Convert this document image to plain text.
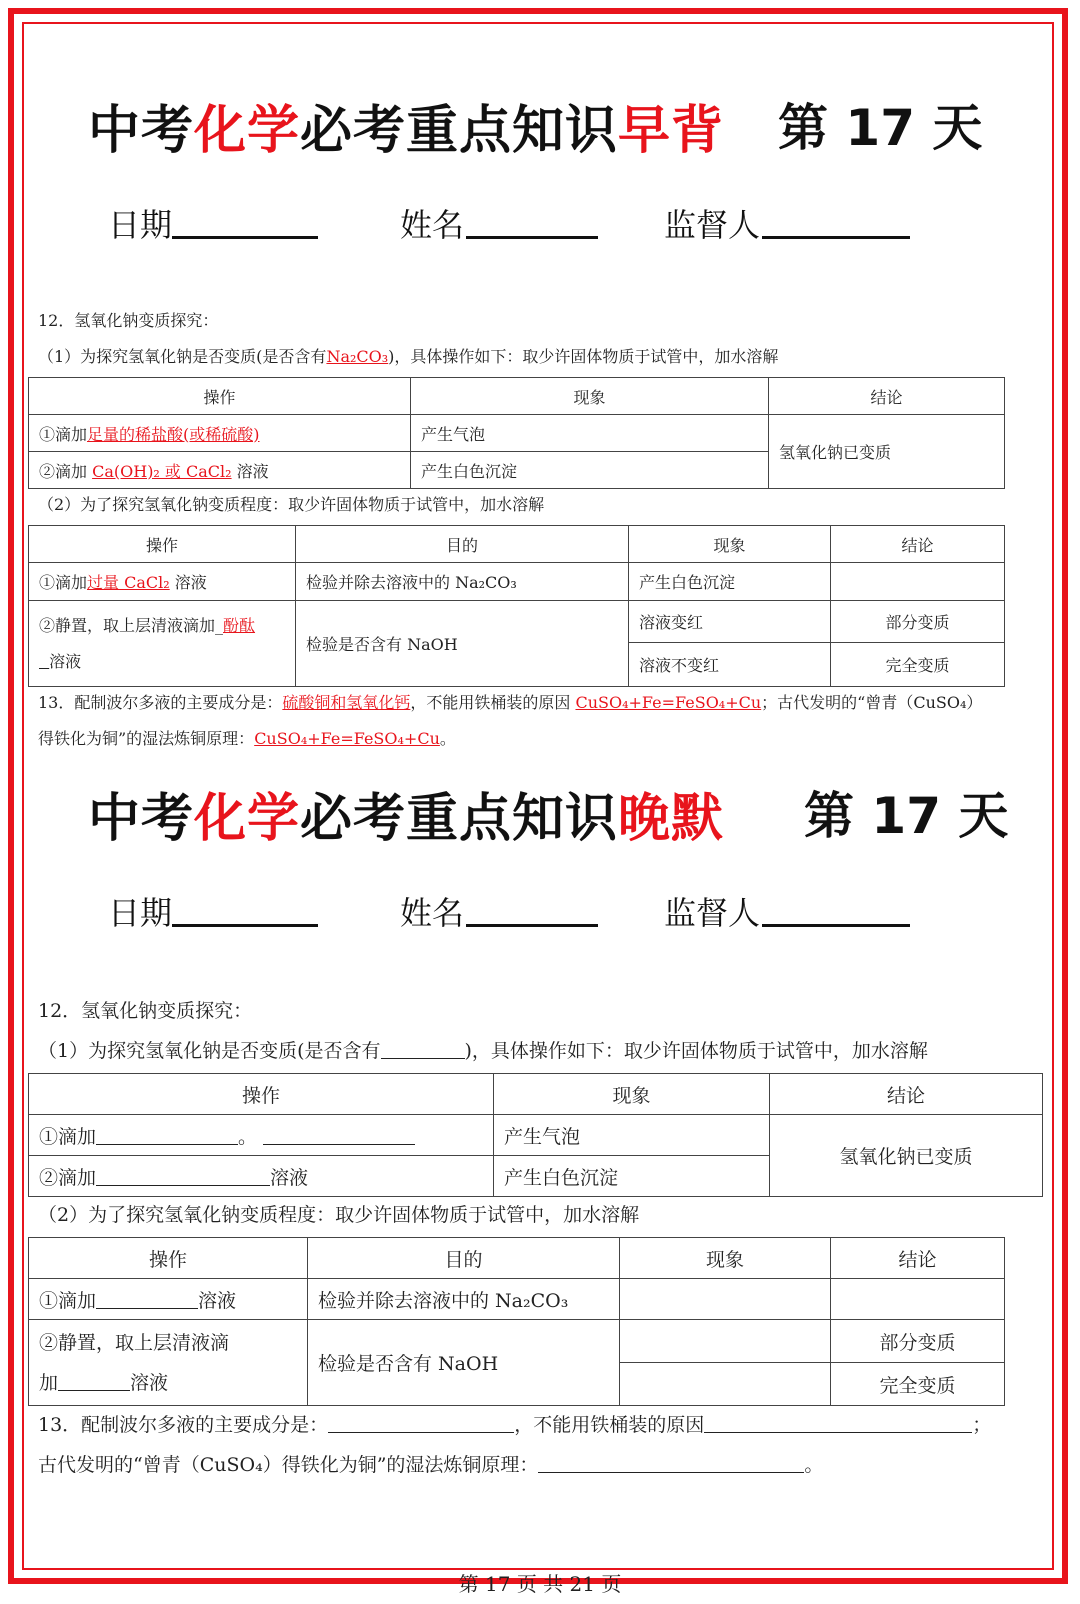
中考化学必考重点知识早背 第 17 天
日期	姓名	监督人
12．氢氧化钠变质探究：
（1）为探究氢氧化钠是否变质(是否含有Na₂CO₃)，具体操作如下：取少许固体物质于试管中，加水溶解
操作	现象	结论
①滴加足量的稀盐酸(或稀硫酸)	产生气泡	氢氧化钠已变质
②滴加 Ca(OH)₂ 或 CaCl₂ 溶液	产生白色沉淀	
（2）为了探究氢氧化钠变质程度：取少许固体物质于试管中，加水溶解
操作	目的	现象	结论
①滴加过量 CaCl₂ 溶液	检验并除去溶液中的 Na₂CO₃	产生白色沉淀	
②静置，取上层清液滴加_酚酞
溶液	检验是否含有 NaOH	溶液变红	部分变质
		溶液不变红	完全变质
13．配制波尔多液的主要成分是：硫酸铜和氢氧化钙，不能用铁桶装的原因 CuSO₄+Fe=FeSO₄+Cu；古代发明的“曾青（CuSO₄）
得铁化为铜”的湿法炼铜原理：CuSO₄+Fe=FeSO₄+Cu。
中考化学必考重点知识晚默 第 17 天
日期	姓名	监督人
12．氢氧化钠变质探究：
（1）为探究氢氧化钠是否变质(是否含有	)，具体操作如下：取少许固体物质于试管中，加水溶解
操作	现象	结论
①滴加 。	产生气泡	氢氧化钠已变质
②滴加 溶液	产生白色沉淀	
（2）为了探究氢氧化钠变质程度：取少许固体物质于试管中，加水溶解
操作	目的	现象	结论
①滴加 溶液	检验并除去溶液中的 Na₂CO₃		
②静置，取上层清液滴
加 溶液	检验是否含有 NaOH		部分变质
			完全变质
13．配制波尔多液的主要成分是：	，不能用铁桶装的原因	；
古代发明的“曾青（CuSO₄）得铁化为铜”的湿法炼铜原理：	。
第 17 页 共 21 页
